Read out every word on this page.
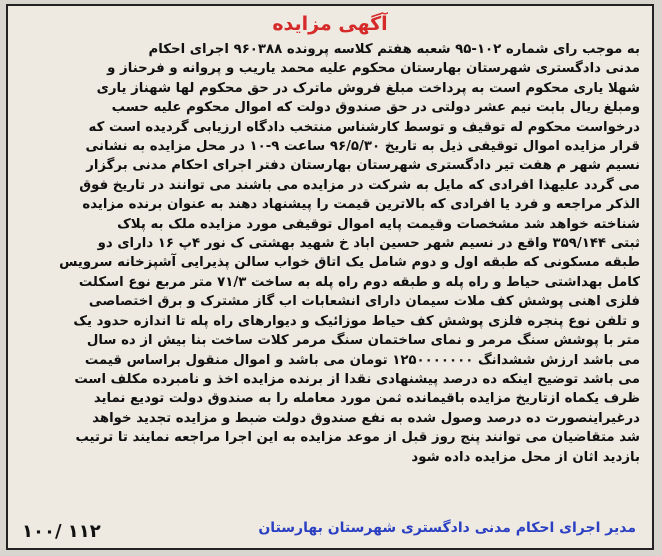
آگهی مزایده
به موجب رای شماره ۱۰۲-۹۵ شعبه هفتم کلاسه پرونده ۹۶۰۳۸۸ اجرای احکام
مدنی دادگستری شهرستان بهارستان محکوم علیه محمد یاریب و پروانه و فرحناز و
شهلا یاری محکوم است به پرداخت مبلغ فروش ماترک در حق محکوم لها شهناز یاری
ومبلغ ریال بابت نیم عشر دولتی در حق صندوق دولت که اموال محکوم علیه حسب
درخواست محکوم له توقیف و توسط کارشناس منتخب دادگاه ارزیابی گردیده است که
قرار مزایده اموال توقیفی ذیل به تاریخ ۹۶/۵/۳۰ ساعت ۹-۱۰ در محل مزایده به نشانی
نسیم شهر م هفت تیر دادگستری شهرستان بهارستان دفتر اجرای احکام مدنی برگزار
می گردد علیهذا افرادی که مایل به شرکت در مزایده می باشند می توانند در تاریخ فوق
الذکر مراجعه و فرد یا افرادی که بالاترین قیمت را پیشنهاد دهند به عنوان برنده مزایده
شناخته خواهد شد مشخصات وقیمت پایه اموال توقیفی مورد مزایده ملک به پلاک
ثبتی ۳۵۹/۱۴۴ واقع در نسیم شهر حسین اباد خ شهید بهشتی ک نور ۴پ ۱۶ دارای دو
طبقه مسکونی که طبقه اول و دوم شامل یک اتاق خواب سالن پذیرایی آشپزخانه سرویس
کامل بهداشتی حیاط و راه پله و طبقه دوم راه پله به ساخت ۷۱/۳ متر مربع نوع اسکلت
فلزی اهنی پوشش کف ملات سیمان دارای انشعابات اب گاز مشترک و برق اختصاصی
و تلفن نوع پنجره فلزی پوشش کف حیاط موزائیک و دیوارهای راه پله تا اندازه حدود یک
متر با پوشش سنگ مرمر و نمای ساختمان سنگ مرمر کلات ساخت بنا بیش از ده سال
می باشد ارزش ششدانگ ۱۲۵۰۰۰۰۰۰۰ تومان می باشد و اموال منقول براساس قیمت
می باشد توضیح اینکه ده درصد پیشنهادی نقدا از برنده مزایده اخذ و نامبرده مکلف است
ظرف یکماه ازتاریخ مزایده باقیمانده ثمن مورد معامله را به صندوق دولت تودیع نماید
درغیراینصورت ده درصد وصول شده به نفع صندوق دولت ضبط و مزایده تجدید خواهد
شد متقاضیان می توانند پنج روز قبل از موعد مزایده به این اجرا مراجعه نمایند تا ترتیب
بازدید اثان از محل مزایده داده شود
مدیر اجرای احکام مدنی دادگستری شهرستان بهارستان
۱۰۰/ ۱۱۲
